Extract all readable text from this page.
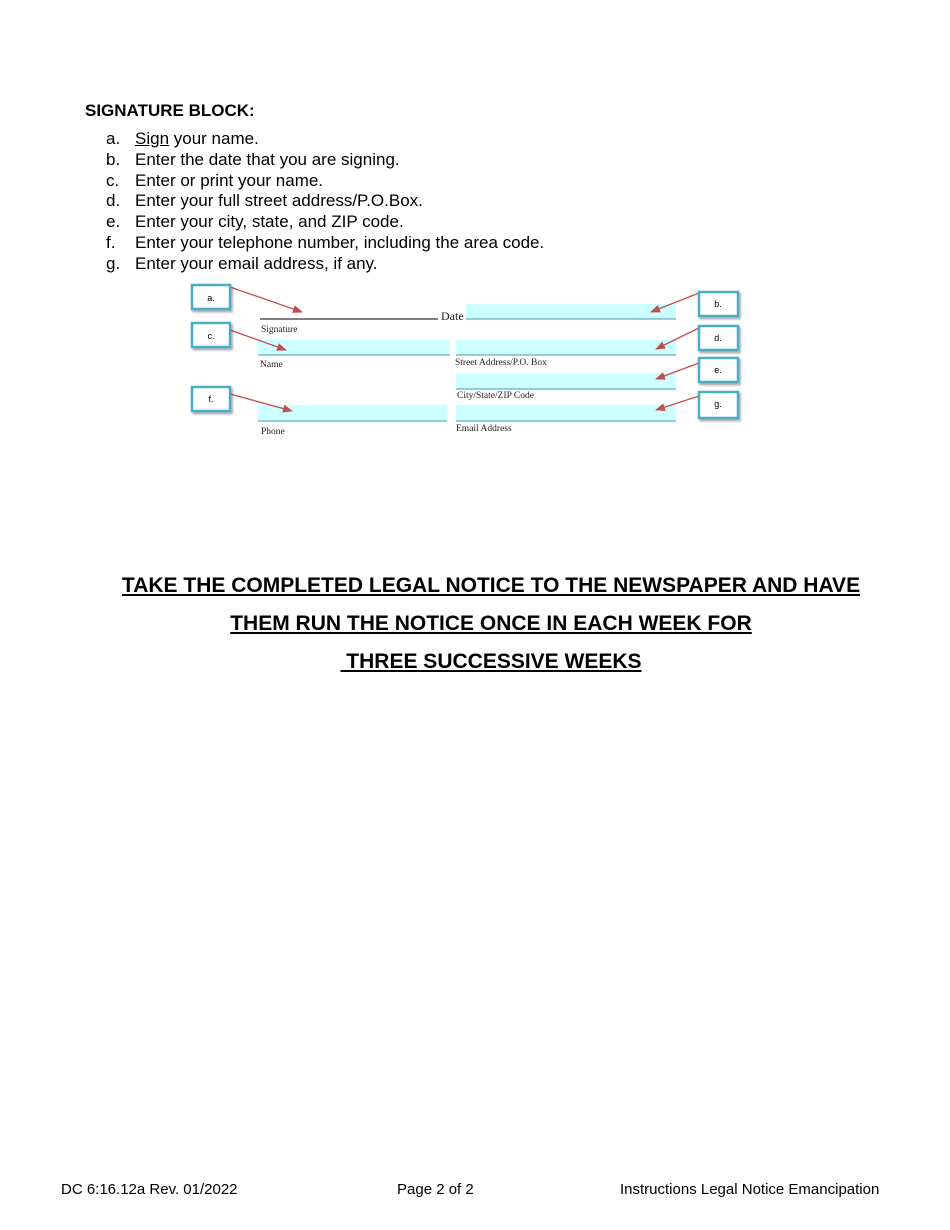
SIGNATURE BLOCK:
a. Sign your name.
b. Enter the date that you are signing.
c. Enter or print your name.
d. Enter your full street address/P.O.Box.
e. Enter your city, state, and ZIP code.
f.	Enter your telephone number, including the area code.
g. Enter your email address, if any.
Signature
Date
Name	Street Address/P.O. Box
City/State/ZIP Code
Phone	Email Address
a.
b.
c.	d.
e.
f.	g.
TAKE THE COMPLETED LEGAL NOTICE TO THE NEWSPAPER AND HAVE
THEM RUN THE NOTICE ONCE IN EACH WEEK FOR
THREE SUCCESSIVE WEEKS
DC 6:16.12a Rev. 01/2022	Page 2 of 2	Instructions Legal Notice Emancipation
